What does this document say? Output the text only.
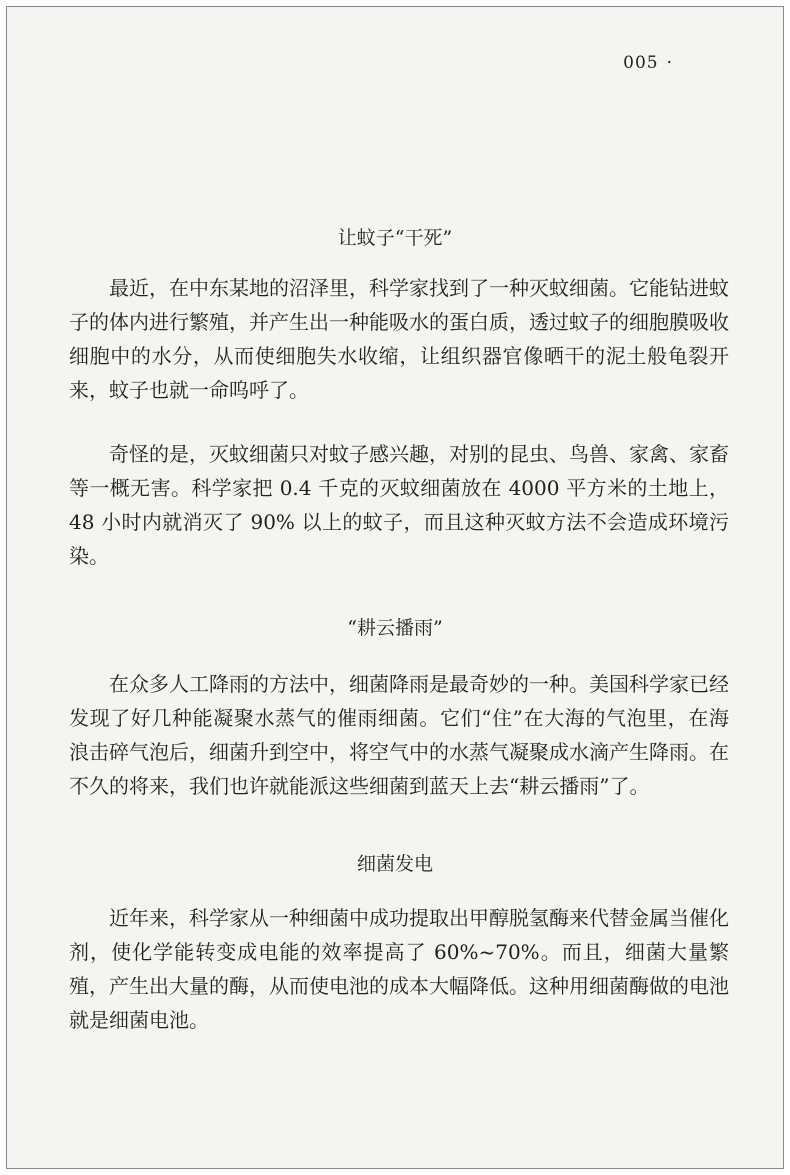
005 ·
让蚊子“干死”

最近，在中东某地的沼泽里，科学家找到了一种灭蚊细菌。它能钻进蚊子的体内进行繁殖，并产生出一种能吸水的蛋白质，透过蚊子的细胞膜吸收细胞中的水分，从而使细胞失水收缩，让组织器官像晒干的泥土般龟裂开来，蚊子也就一命呜呼了。

奇怪的是，灭蚊细菌只对蚊子感兴趣，对别的昆虫、鸟兽、家禽、家畜等一概无害。科学家把 0.4 千克的灭蚊细菌放在 4000 平方米的土地上，48 小时内就消灭了 90% 以上的蚊子，而且这种灭蚊方法不会造成环境污染。

“耕云播雨”

在众多人工降雨的方法中，细菌降雨是最奇妙的一种。美国科学家已经发现了好几种能凝聚水蒸气的催雨细菌。它们“住”在大海的气泡里，在海浪击碎气泡后，细菌升到空中，将空气中的水蒸气凝聚成水滴产生降雨。在不久的将来，我们也许就能派这些细菌到蓝天上去“耕云播雨”了。

细菌发电

近年来，科学家从一种细菌中成功提取出甲醇脱氢酶来代替金属当催化剂，使化学能转变成电能的效率提高了 60%~70%。而且，细菌大量繁殖，产生出大量的酶，从而使电池的成本大幅降低。这种用细菌酶做的电池就是细菌电池。
